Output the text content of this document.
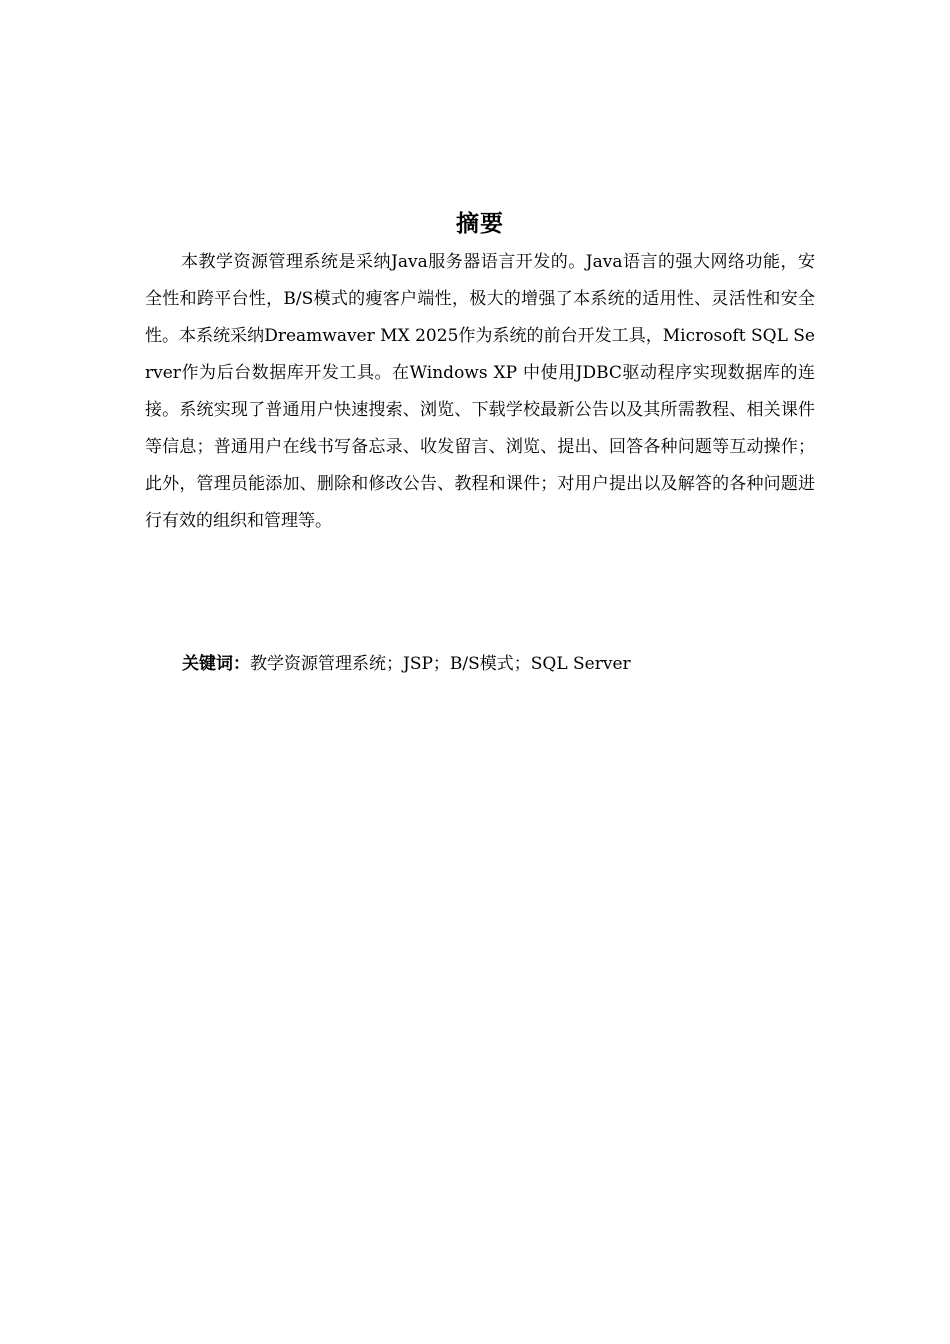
摘要

本教学资源管理系统是采纳Java服务器语言开发的。Java语言的强大网络功能，安全性和跨平台性，B/S模式的瘦客户端性，极大的增强了本系统的适用性、灵活性和安全性。本系统采纳Dreamwaver MX 2025作为系统的前台开发工具，Microsoft SQL Server作为后台数据库开发工具。在Windows XP 中使用JDBC驱动程序实现数据库的连接。系统实现了普通用户快速搜索、浏览、下载学校最新公告以及其所需教程、相关课件等信息；普通用户在线书写备忘录、收发留言、浏览、提出、回答各种问题等互动操作；此外，管理员能添加、删除和修改公告、教程和课件；对用户提出以及解答的各种问题进行有效的组织和管理等。

关键词：教学资源管理系统；JSP；B/S模式；SQL Server
